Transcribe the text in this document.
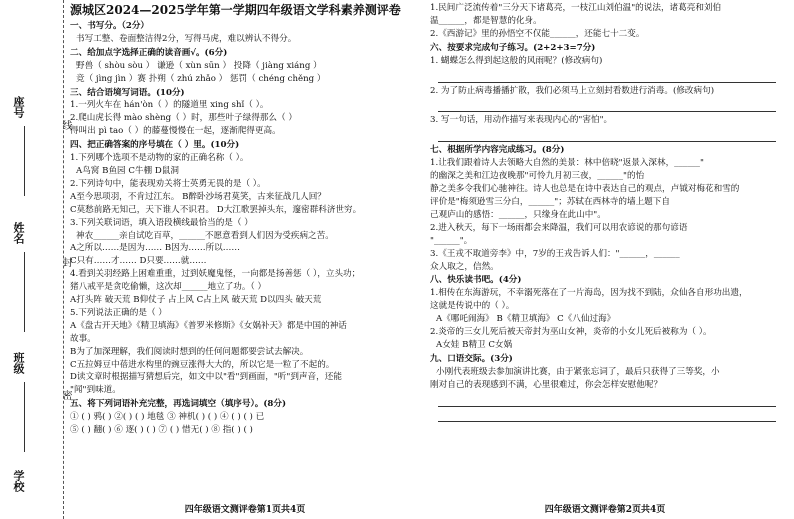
座号
姓名
班级
学校
线
封
密
源城区2024—2025学年第一学期四年级语文学科素养测评卷
一、书写分。（2分）
书写工整、卷面整洁得2分，写得马虎，难以辨认不得分。
二、给加点字选择正确的读音画√。(6分)
野兽（ shòu sòu ） 谦逊（ xùn sūn ） 投降（ jiàng xiáng ）
竞（ jìng jìn ）赛 扑朔（ zhú zhǎo ） 惩罚（ chéng chěng ）
三、结合语境写词语。(10分)
1.一列火车在 hán'òn（ ）的隧道里 xing shǐ（ ）。
2.爬山虎长得 mào shèng（ ）时，那些叶子绿得那么（ ）
得叫出 pì tao（ ）的藤蔓慢慢在一起，逐渐爬得更高。
四、把正确答案的序号填在（ ）里。(10分)
1.下列哪个选项不是动物的家的正确名称（ ）。
A鸟窝 B鱼园 C牛棚 D鼠洞
2.下列诗句中，能表现劝关将士英勇无畏的是（ ）。
A至今思项羽，不肯过江东。 B醉卧沙场君莫笑，古来征战几人回？
C莫愁前路无知己，天下谁人不识君。 D大江歌罢掉头东，邃密群科济世穷。
3.下列关联词语，填入语段横线最恰当的是（ ）
神农______亲自试吃百草，______不愿意看到人们因为受疾病之苦。
A之所以……是因为…… B因为……所以……
C只有……才…… D只要……就……
4.看到关羽经路上困难重重，过到妖魔鬼怪，一向都是扬善惩（ ），立头功；
猪八戒平是贪吃偷懒，这次却______地立了功。（ ）
A打头阵 破天荒 B仰仗子 占上风 C占上风 破天荒 D以四头 破天荒
5.下列说法正确的是（ ）
A《盘古开天地》《精卫填海》《普罗米修斯》《女娲补天》都是中国的神话
故事。
B为了加深理解，我们阅读时想到的任何问题都要尝试去解决。
C五拉姆豆中蓓进水构里的豌豆涨得大大的，所以它是一粒了不起的。
D读文章时根据描写猜想后完，如文中以"看"到画面，"听"到声音，还能
"闻"到味道。
五、将下列词语补充完整，再选词填空（填序号）。(8分)
① ( ) 鸦( ) ②( ) ( ) 地毯 ③ 神机( ) ( ) ④ ( ) ( ) 已
⑤ ( ) 翻( ) ⑥ 逐( ) ( ) ⑦ ( ) 惜无( ) ⑧ 指( ) ( )
四年级语文测评卷第1页共4页
1.民间广泛流传着"三分天下诸葛亮，一枝江山刘伯温"的说法，诸葛亮和刘伯
温______，都是智慧的化身。
2.《西游记》里的孙悟空不仅能______，还能七十二变。
六、按要求完成句子练习。(2+2+3=7分)
1. 蝴蝶怎么得到起这般的风雨呢？(修改病句)
2. 为了防止病毒播播扩散，我们必须马上立刻封看数进行消毒。(修改病句)
3. 写一句话，用动作描写来表现内心的"害怕"。
七、根据所学内容完成练习。(8分)
1.让我们跟着诗人去领略大自然的美景：林中倍晓"返景入深林，______"
的幽深之美和江边夜晚那"可怜九月初三夜，______"的怡
静之美多令我们心驰神往。诗人也总是在诗中表达自己的观点，卢钺对梅花和雪的
评价是"梅须逊雪三分白，______"；苏轼在西林寺的墙上题下自
己观庐山的感悟：______，只缘身在此山中"。
2.进入秋天，每下一场雨都会来降温，我们可以用农谚说的那句谚语
"______"。
3.《王戎不取道旁李》中，7岁的王戎告诉人们："______，______
众人取之，信然。
八、快乐读书吧。(4分)
1.相传在东海游玩，不幸溺死落在了一片海岛，因为找不到陆，众仙各自形功出遗，
这就是传说中的（ ）。
A《哪吒闹海》 B《精卫填海》 C《八仙过海》
2.炎帝的三女儿死后被天帝封为巫山女神，炎帝的小女儿死后被称为（ ）。
A女娃 B精卫 C女娲
九、口语交际。(3分)
小刚代表班级去参加演讲比赛，由于紧张忘词了，最后只获得了三等奖，小
刚对自己的表现感到不满，心里很难过，你会怎样安慰他呢？
四年级语文测评卷第2页共4页
